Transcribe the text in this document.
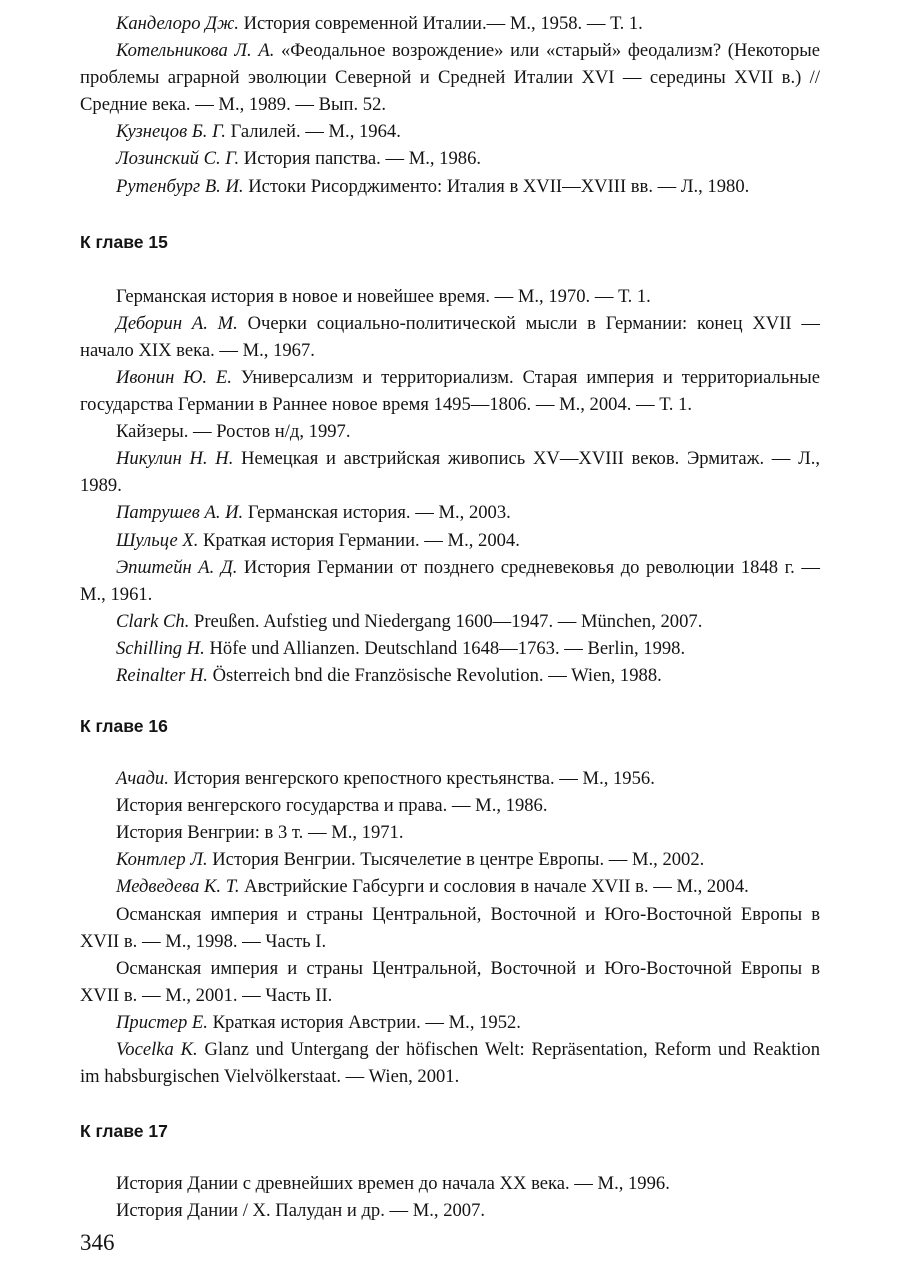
Канделоро Дж. История современной Италии.— М., 1958. — Т. 1.

Котельникова Л. А. «Феодальное возрождение» или «старый» феодализм? (Некоторые проблемы аграрной эволюции Северной и Средней Италии XVI — середины XVII в.) // Средние века. — М., 1989. — Вып. 52.

Кузнецов Б. Г. Галилей. — М., 1964.

Лозинский С. Г. История папства. — М., 1986.

Рутенбург В. И. Истоки Рисорджименто: Италия в XVII—XVIII вв. — Л., 1980.

К главе 15

Германская история в новое и новейшее время. — М., 1970. — Т. 1.

Деборин А. М. Очерки социально-политической мысли в Германии: конец XVII — начало XIX века. — М., 1967.

Ивонин Ю. Е. Универсализм и территориализм. Старая империя и территориальные государства Германии в Раннее новое время 1495—1806. — М., 2004. — Т. 1.

Кайзеры. — Ростов н/д, 1997.

Никулин Н. Н. Немецкая и австрийская живопись XV—XVIII веков. Эрмитаж. — Л., 1989.

Патрушев А. И. Германская история. — М., 2003.

Шульце X. Краткая история Германии. — М., 2004.

Эпштейн А. Д. История Германии от позднего средневековья до революции 1848 г. — М., 1961.

Clark Ch. Preußen. Aufstieg und Niedergang 1600—1947. — München, 2007.

Schilling H. Höfe und Allianzen. Deutschland 1648—1763. — Berlin, 1998.

Reinalter H. Österreich bnd die Französische Revolution. — Wien, 1988.

К главе 16

Ачади. История венгерского крепостного крестьянства. — М., 1956.

История венгерского государства и права. — М., 1986.

История Венгрии: в 3 т. — М., 1971.

Контлер Л. История Венгрии. Тысячелетие в центре Европы. — М., 2002.

Медведева К. Т. Австрийские Габсурги и сословия в начале XVII в. — М., 2004.

Османская империя и страны Центральной, Восточной и Юго-Восточной Европы в XVII в. — М., 1998. — Часть I.

Османская империя и страны Центральной, Восточной и Юго-Восточной Европы в XVII в. — М., 2001. — Часть II.

Пристер Е. Краткая история Австрии. — М., 1952.

Vocelka K. Glanz und Untergang der höfischen Welt: Repräsentation, Reform und Reaktion im habsburgischen Vielvölkerstaat. — Wien, 2001.

К главе 17

История Дании с древнейших времен до начала XX века. — М., 1996.

История Дании / X. Палудан и др. — М., 2007.

346
